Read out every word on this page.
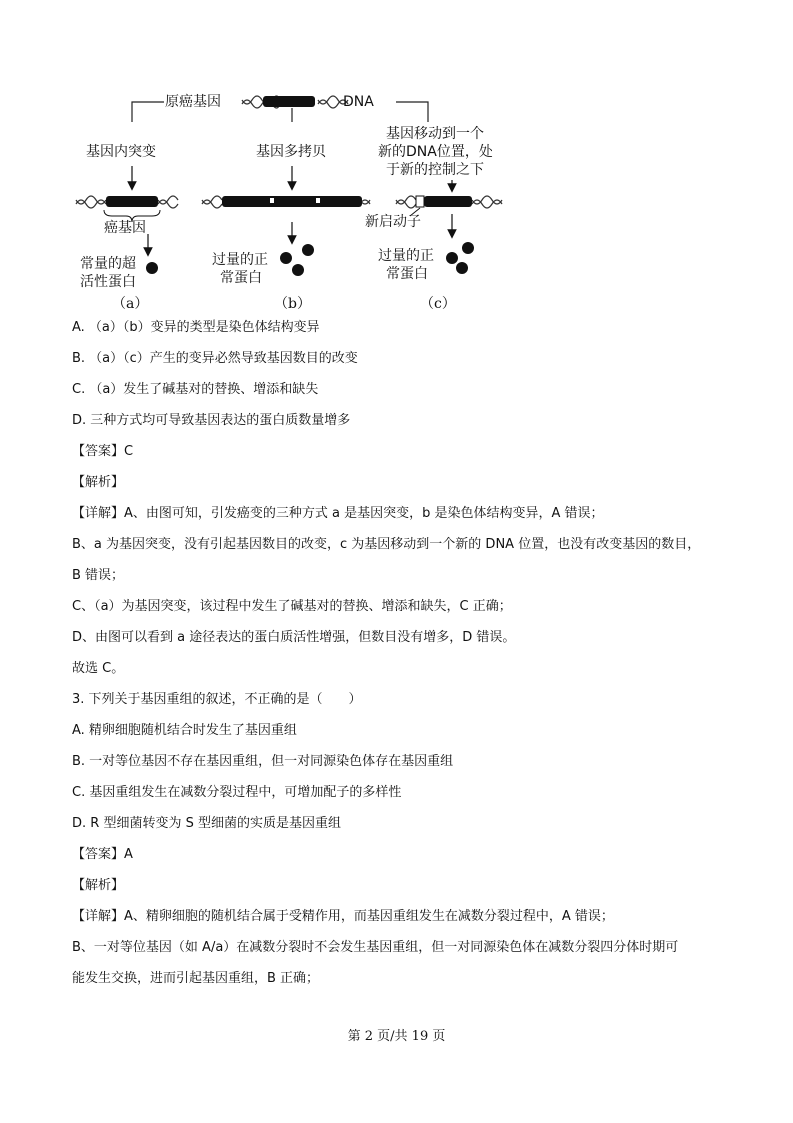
原癌基因	DNA
基因内突变	基因多拷贝
基因移动到一个
新的DNA位置，处
于新的控制之下
癌基因	新启动子
常量的超
活性蛋白
过量的正
常蛋白
过量的正
常蛋白
（a）	（b）	（c）
A. （a）（b）变异的类型是染色体结构变异
B. （a）（c）产生的变异必然导致基因数目的改变
C. （a）发生了碱基对的替换、增添和缺失
D. 三种方式均可导致基因表达的蛋白质数量增多
【答案】C
【解析】
【详解】A、由图可知，引发癌变的三种方式 a 是基因突变，b 是染色体结构变异，A 错误；
B、a 为基因突变，没有引起基因数目的改变，c 为基因移动到一个新的 DNA 位置，也没有改变基因的数目，
B 错误；
C、（a）为基因突变，该过程中发生了碱基对的替换、增添和缺失，C 正确；
D、由图可以看到 a 途径表达的蛋白质活性增强，但数目没有增多，D 错误。
故选 C。
3. 下列关于基因重组的叙述，不正确的是（　　）
A. 精卵细胞随机结合时发生了基因重组
B. 一对等位基因不存在基因重组，但一对同源染色体存在基因重组
C. 基因重组发生在减数分裂过程中，可增加配子的多样性
D. R 型细菌转变为 S 型细菌的实质是基因重组
【答案】A
【解析】
【详解】A、精卵细胞的随机结合属于受精作用，而基因重组发生在减数分裂过程中，A 错误；
B、一对等位基因（如 A/a）在减数分裂时不会发生基因重组，但一对同源染色体在减数分裂四分体时期可
能发生交换，进而引起基因重组，B 正确；
第 2 页/共 19 页
